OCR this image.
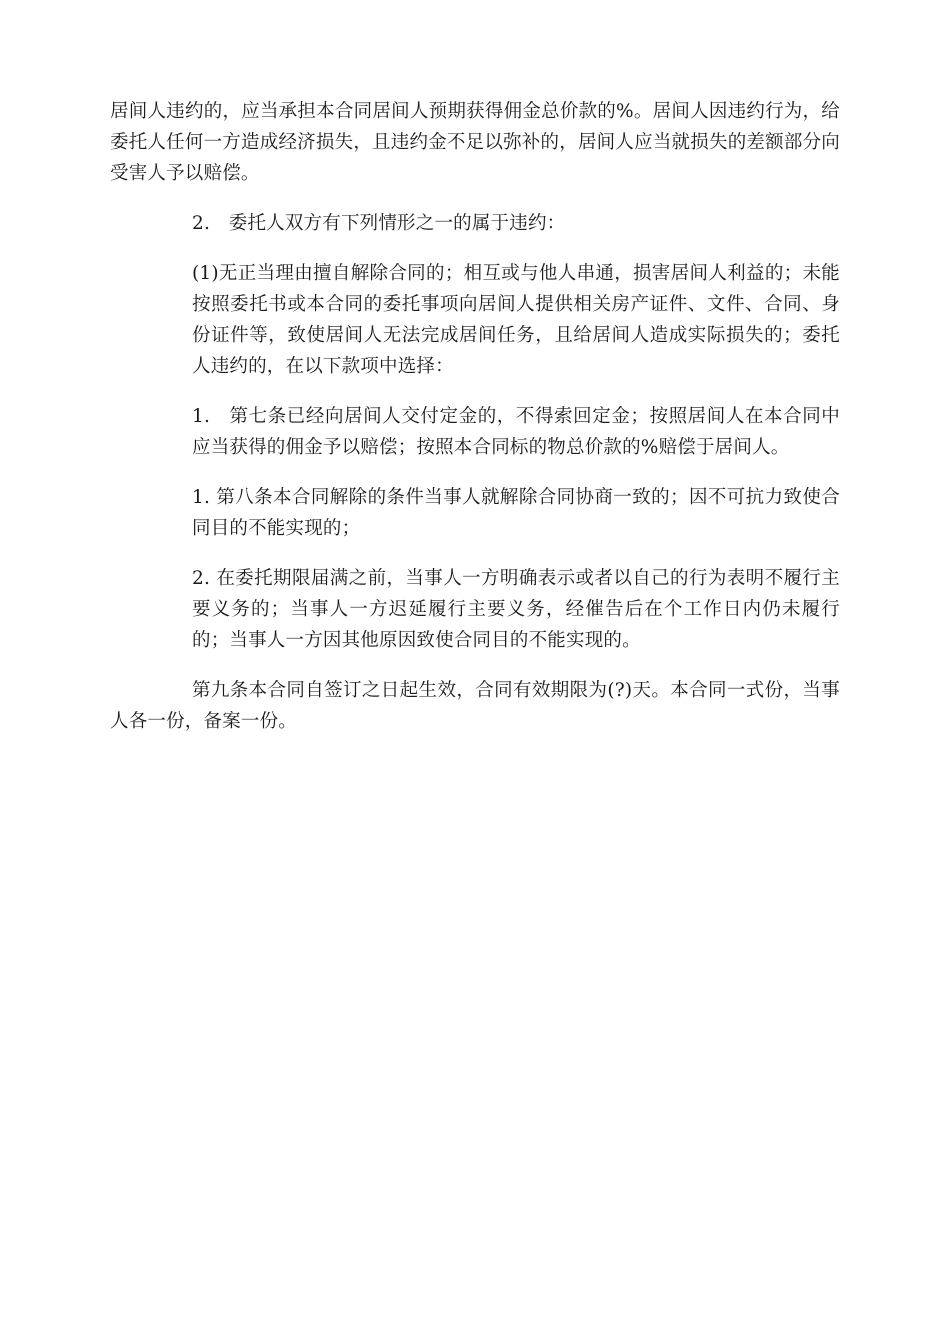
居间人违约的，应当承担本合同居间人预期获得佣金总价款的%。居间人因违约行为，给委托人任何一方造成经济损失，且违约金不足以弥补的，居间人应当就损失的差额部分向受害人予以赔偿。

2.　委托人双方有下列情形之一的属于违约：

(1)无正当理由擅自解除合同的；相互或与他人串通，损害居间人利益的；未能按照委托书或本合同的委托事项向居间人提供相关房产证件、文件、合同、身份证件等，致使居间人无法完成居间任务，且给居间人造成实际损失的；委托人违约的，在以下款项中选择：

1.　第七条已经向居间人交付定金的，不得索回定金；按照居间人在本合同中应当获得的佣金予以赔偿；按照本合同标的物总价款的%赔偿于居间人。

1. 第八条本合同解除的条件当事人就解除合同协商一致的；因不可抗力致使合同目的不能实现的；

2. 在委托期限届满之前，当事人一方明确表示或者以自己的行为表明不履行主要义务的；当事人一方迟延履行主要义务，经催告后在个工作日内仍未履行的；当事人一方因其他原因致使合同目的不能实现的。

第九条本合同自签订之日起生效，合同有效期限为(?)天。本合同一式份，当事人各一份，备案一份。
